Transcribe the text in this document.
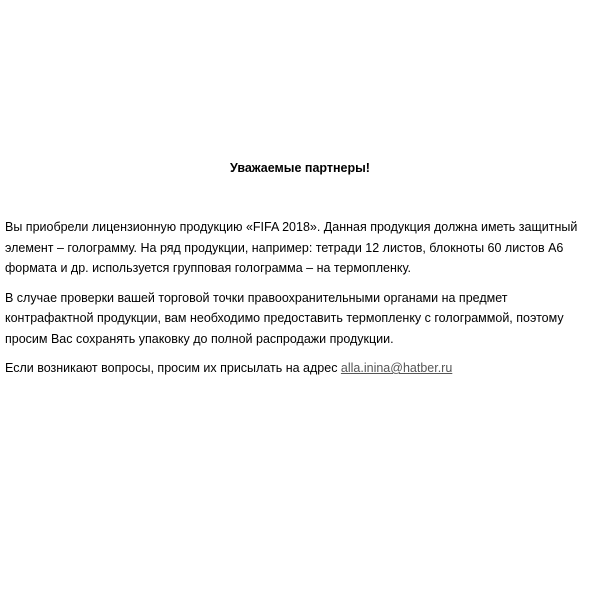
Уважаемые партнеры!

Вы приобрели лицензионную продукцию «FIFA 2018». Данная продукция должна иметь защитный элемент – голограмму. На ряд продукции, например: тетради 12 листов, блокноты 60 листов А6 формата и др. используется групповая голограмма – на термопленку.

В случае проверки вашей торговой точки правоохранительными органами на предмет контрафактной продукции, вам необходимо предоставить термопленку с голограммой, поэтому просим Вас сохранять упаковку до полной распродажи продукции.

Если возникают вопросы, просим их присылать на адрес alla.inina@hatber.ru
